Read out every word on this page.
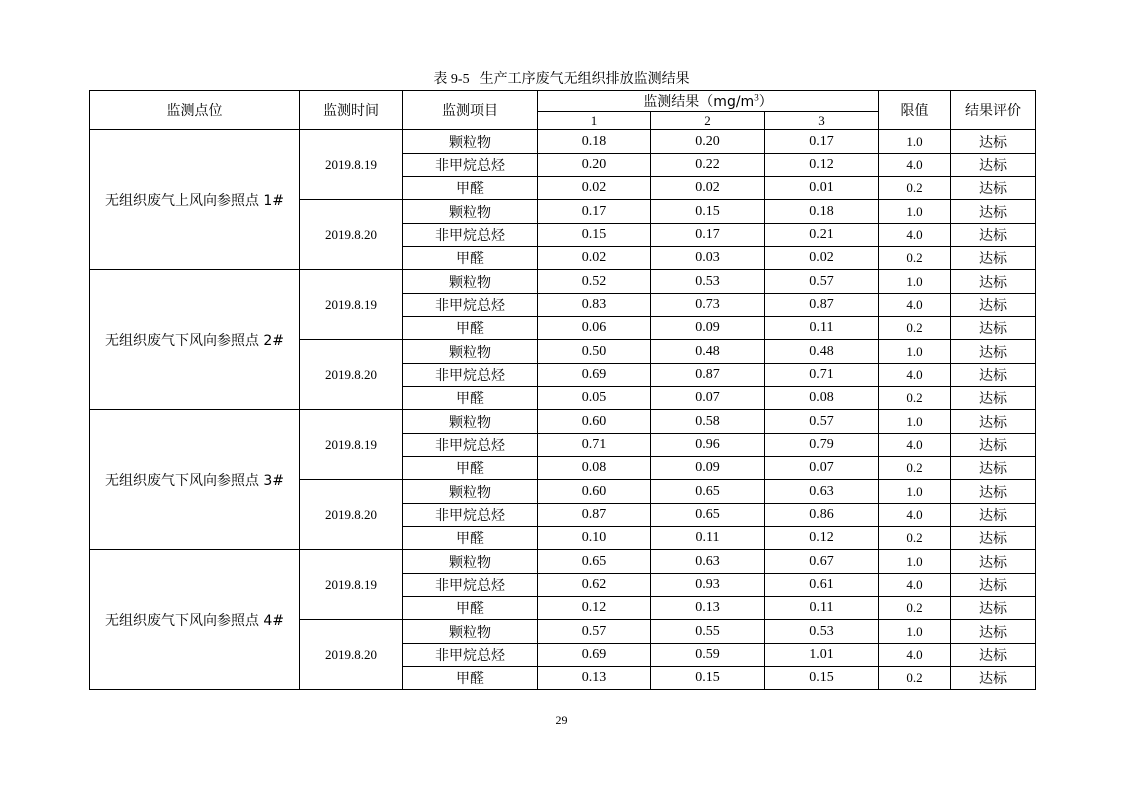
表 9-5 生产工序废气无组织排放监测结果
监测点位	监测时间	监测项目	监测结果$(mg/m^3)$			限值	结果评价
			1	2	3		
无组织废气上风向参照点 1#	2019.8.19	颗粒物	0.18	0.20	0.17	1.0	达标
		非甲烷总烃	0.20	0.22	0.12	4.0	达标
		甲醛	0.02	0.02	0.01	0.2	达标
	2019.8.20	颗粒物	0.17	0.15	0.18	1.0	达标
		非甲烷总烃	0.15	0.17	0.21	4.0	达标
		甲醛	0.02	0.03	0.02	0.2	达标
无组织废气下风向参照点 2#	2019.8.19	颗粒物	0.52	0.53	0.57	1.0	达标
		非甲烷总烃	0.83	0.73	0.87	4.0	达标
		甲醛	0.06	0.09	0.11	0.2	达标
	2019.8.20	颗粒物	0.50	0.48	0.48	1.0	达标
		非甲烷总烃	0.69	0.87	0.71	4.0	达标
		甲醛	0.05	0.07	0.08	0.2	达标
无组织废气下风向参照点 3#	2019.8.19	颗粒物	0.60	0.58	0.57	1.0	达标
		非甲烷总烃	0.71	0.96	0.79	4.0	达标
		甲醛	0.08	0.09	0.07	0.2	达标
	2019.8.20	颗粒物	0.60	0.65	0.63	1.0	达标
		非甲烷总烃	0.87	0.65	0.86	4.0	达标
		甲醛	0.10	0.11	0.12	0.2	达标
无组织废气下风向参照点 4#	2019.8.19	颗粒物	0.65	0.63	0.67	1.0	达标
		非甲烷总烃	0.62	0.93	0.61	4.0	达标
		甲醛	0.12	0.13	0.11	0.2	达标
	2019.8.20	颗粒物	0.57	0.55	0.53	1.0	达标
		非甲烷总烃	0.69	0.59	1.01	4.0	达标
		甲醛	0.13	0.15	0.15	0.2	达标
29
